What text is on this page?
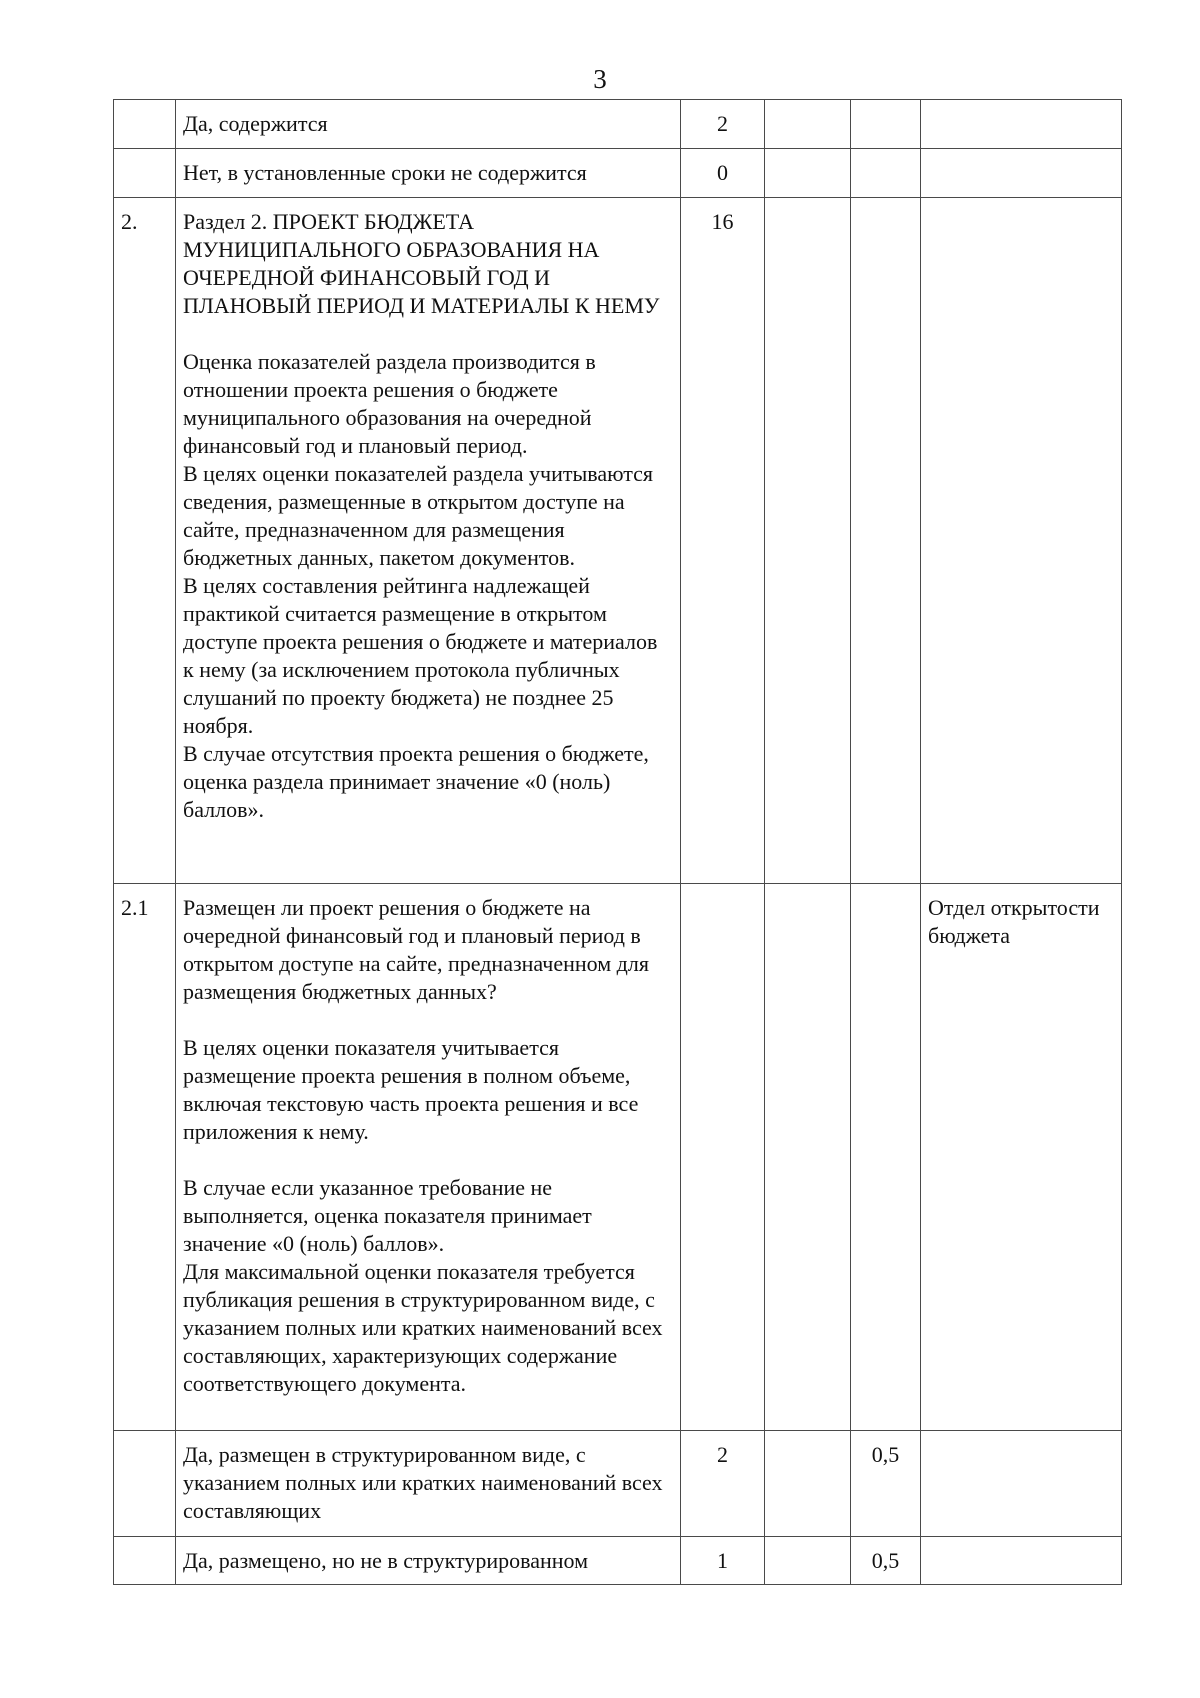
3

	Да, содержится	2			

	Нет, в установленные сроки не содержится	0			
2.	Раздел 2. ПРОЕКТ БЮДЖЕТА МУНИЦИПАЛЬНОГО ОБРАЗОВАНИЯ НА ОЧЕРЕДНОЙ ФИНАНСОВЫЙ ГОД И ПЛАНОВЫЙ ПЕРИОД И МАТЕРИАЛЫ К НЕМУ
Оценка показателей раздела производится в отношении проекта решения о бюджете муниципального образования на очередной финансовый год и плановый период.
В целях оценки показателей раздела учитываются сведения, размещенные в открытом доступе на сайте, предназначенном для размещения бюджетных данных, пакетом документов.
В целях составления рейтинга надлежащей практикой считается размещение в открытом доступе проекта решения о бюджете и материалов к нему (за исключением протокола публичных слушаний по проекту бюджета) не позднее 25 ноября.
В случае отсутствия проекта решения о бюджете, оценка раздела принимает значение «0 (ноль) баллов».	16			
2.1	Размещен ли проект решения о бюджете на очередной финансовый год и плановый период в открытом доступе на сайте, предназначенном для размещения бюджетных данных?
В целях оценки показателя учитывается размещение проекта решения в полном объеме, включая текстовую часть проекта решения и все приложения к нему.
В случае если указанное требование не выполняется, оценка показателя принимает значение «0 (ноль) баллов».
Для максимальной оценки показателя требуется публикация решения в структурированном виде, с указанием полных или кратких наименований всех составляющих, характеризующих содержание соответствующего документа.				Отдел открытости бюджета

	Да, размещен в структурированном виде, с указанием полных или кратких наименований всех составляющих	2		0,5	

	Да, размещено, но не в структурированном	1		0,5	
